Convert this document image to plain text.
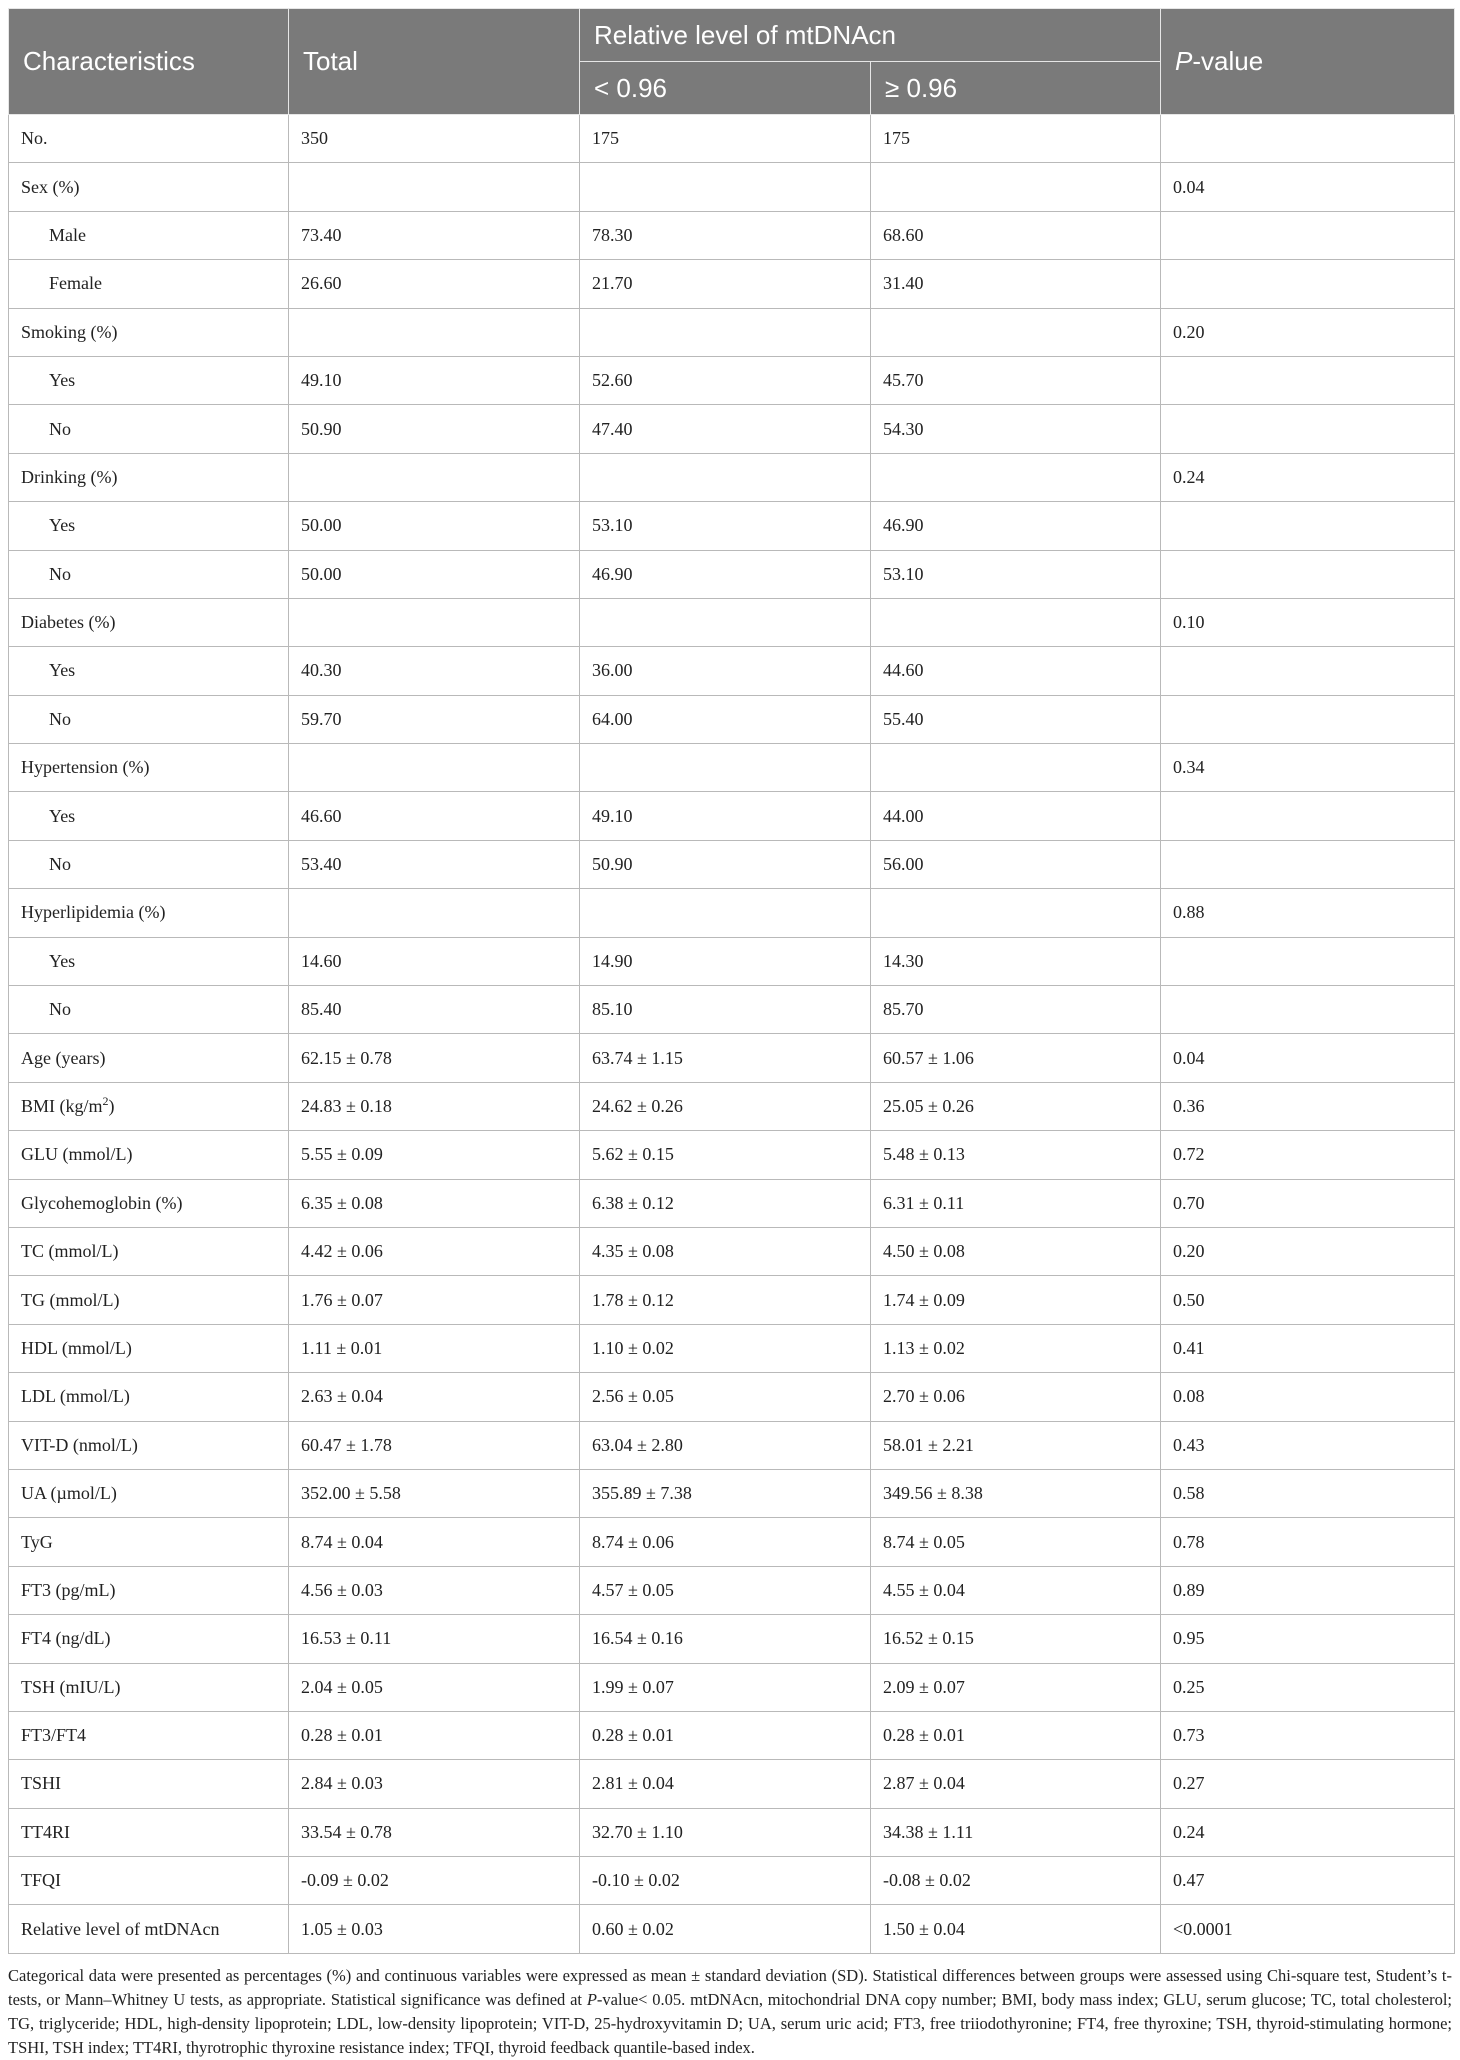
Characteristics	Total	Relative level of mtDNAcn		P-value
		< 0.96	≥ 0.96	
No.	350	175	175	
Sex (%)				0.04
Male	73.40	78.30	68.60	
Female	26.60	21.70	31.40	
Smoking (%)				0.20
Yes	49.10	52.60	45.70	
No	50.90	47.40	54.30	
Drinking (%)				0.24
Yes	50.00	53.10	46.90	
No	50.00	46.90	53.10	
Diabetes (%)				0.10
Yes	40.30	36.00	44.60	
No	59.70	64.00	55.40	
Hypertension (%)				0.34
Yes	46.60	49.10	44.00	
No	53.40	50.90	56.00	
Hyperlipidemia (%)				0.88
Yes	14.60	14.90	14.30	
No	85.40	85.10	85.70	
Age (years)	62.15 ± 0.78	63.74 ± 1.15	60.57 ± 1.06	0.04
BMI $(kg/m^2)$	24.83 ± 0.18	24.62 ± 0.26	25.05 ± 0.26	0.36
GLU (mmol/L)	5.55 ± 0.09	5.62 ± 0.15	5.48 ± 0.13	0.72
Glycohemoglobin (%)	6.35 ± 0.08	6.38 ± 0.12	6.31 ± 0.11	0.70
TC (mmol/L)	4.42 ± 0.06	4.35 ± 0.08	4.50 ± 0.08	0.20
TG (mmol/L)	1.76 ± 0.07	1.78 ± 0.12	1.74 ± 0.09	0.50
HDL (mmol/L)	1.11 ± 0.01	1.10 ± 0.02	1.13 ± 0.02	0.41
LDL (mmol/L)	2.63 ± 0.04	2.56 ± 0.05	2.70 ± 0.06	0.08
VIT-D (nmol/L)	60.47 ± 1.78	63.04 ± 2.80	58.01 ± 2.21	0.43
UA (µmol/L)	352.00 ± 5.58	355.89 ± 7.38	349.56 ± 8.38	0.58
TyG	8.74 ± 0.04	8.74 ± 0.06	8.74 ± 0.05	0.78
FT3 (pg/mL)	4.56 ± 0.03	4.57 ± 0.05	4.55 ± 0.04	0.89
FT4 (ng/dL)	16.53 ± 0.11	16.54 ± 0.16	16.52 ± 0.15	0.95
TSH (mIU/L)	2.04 ± 0.05	1.99 ± 0.07	2.09 ± 0.07	0.25
FT3/FT4	0.28 ± 0.01	0.28 ± 0.01	0.28 ± 0.01	0.73
TSHI	2.84 ± 0.03	2.81 ± 0.04	2.87 ± 0.04	0.27
TT4RI	33.54 ± 0.78	32.70 ± 1.10	34.38 ± 1.11	0.24
TFQI	-0.09 ± 0.02	-0.10 ± 0.02	-0.08 ± 0.02	0.47
Relative level of mtDNAcn	1.05 ± 0.03	0.60 ± 0.02	1.50 ± 0.04	<0.0001

Categorical data were presented as percentages (%) and continuous variables were expressed as mean ± standard deviation (SD). Statistical differences between groups were assessed using Chi-square test, Student’s t-tests, or Mann–Whitney U tests, as appropriate. Statistical significance was defined at P-value< 0.05. mtDNAcn, mitochondrial DNA copy number; BMI, body mass index; GLU, serum glucose; TC, total cholesterol; TG, triglyceride; HDL, high-density lipoprotein; LDL, low-density lipoprotein; VIT-D, 25-hydroxyvitamin D; UA, serum uric acid; FT3, free triiodothyronine; FT4, free thyroxine; TSH, thyroid-stimulating hormone; TSHI, TSH index; TT4RI, thyrotrophic thyroxine resistance index; TFQI, thyroid feedback quantile-based index.
